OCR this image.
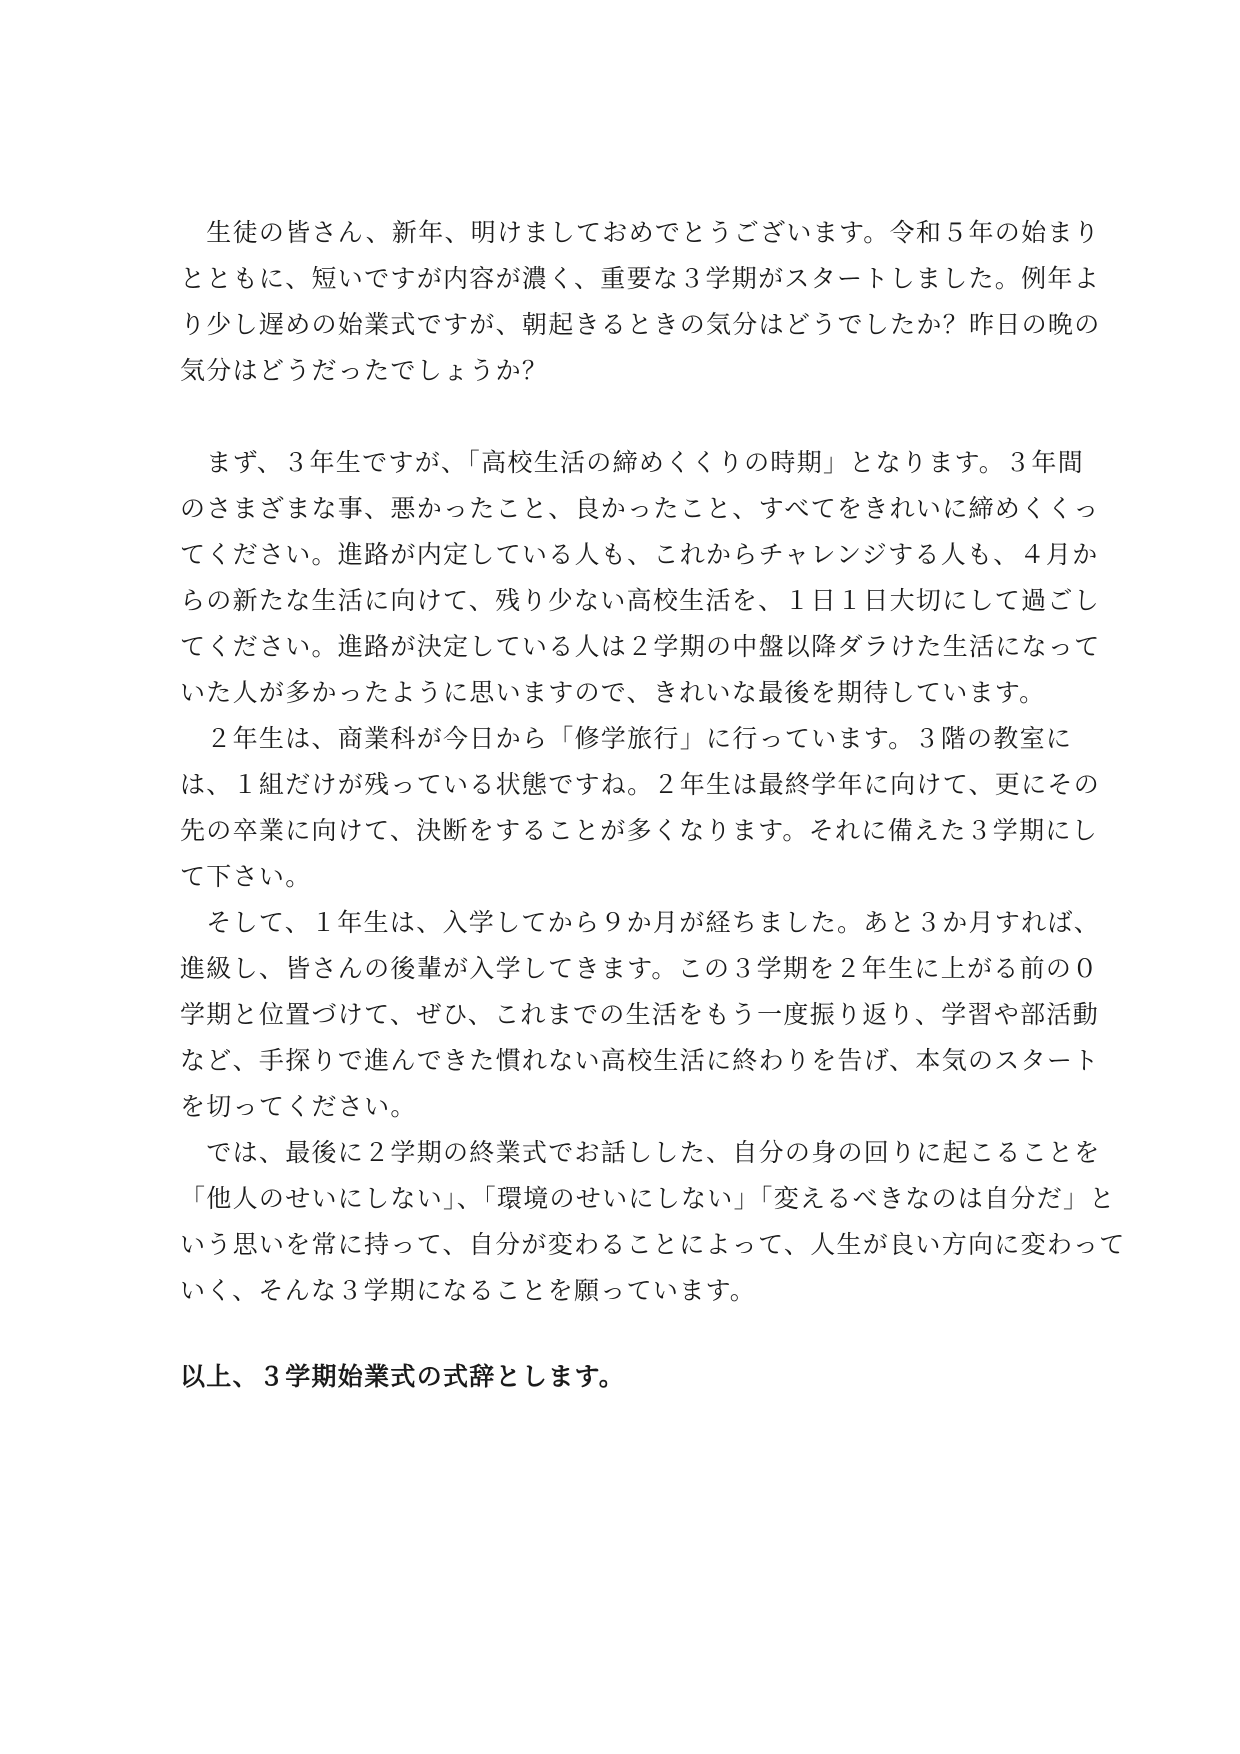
　生徒の皆さん、新年、明けましておめでとうございます。令和５年の始まり
とともに、短いですが内容が濃く、重要な３学期がスタートしました。例年よ
り少し遅めの始業式ですが、朝起きるときの気分はどうでしたか？昨日の晩の
気分はどうだったでしょうか？

　まず、３年生ですが、「高校生活の締めくくりの時期」となります。３年間
のさまざまな事、悪かったこと、良かったこと、すべてをきれいに締めくくっ
てください。進路が内定している人も、これからチャレンジする人も、４月か
らの新たな生活に向けて、残り少ない高校生活を、１日１日大切にして過ごし
てください。進路が決定している人は２学期の中盤以降ダラけた生活になって
いた人が多かったように思いますので、きれいな最後を期待しています。

　２年生は、商業科が今日から「修学旅行」に行っています。３階の教室に
は、１組だけが残っている状態ですね。２年生は最終学年に向けて、更にその
先の卒業に向けて、決断をすることが多くなります。それに備えた３学期にし
て下さい。

　そして、１年生は、入学してから９か月が経ちました。あと３か月すれば、
進級し、皆さんの後輩が入学してきます。この３学期を２年生に上がる前の０
学期と位置づけて、ぜひ、これまでの生活をもう一度振り返り、学習や部活動
など、手探りで進んできた慣れない高校生活に終わりを告げ、本気のスタート
を切ってください。

　では、最後に２学期の終業式でお話しした、自分の身の回りに起こることを
「他人のせいにしない」、「環境のせいにしない」「変えるべきなのは自分だ」と
いう思いを常に持って、自分が変わることによって、人生が良い方向に変わって
いく、そんな３学期になることを願っています。

以上、３学期始業式の式辞とします。
